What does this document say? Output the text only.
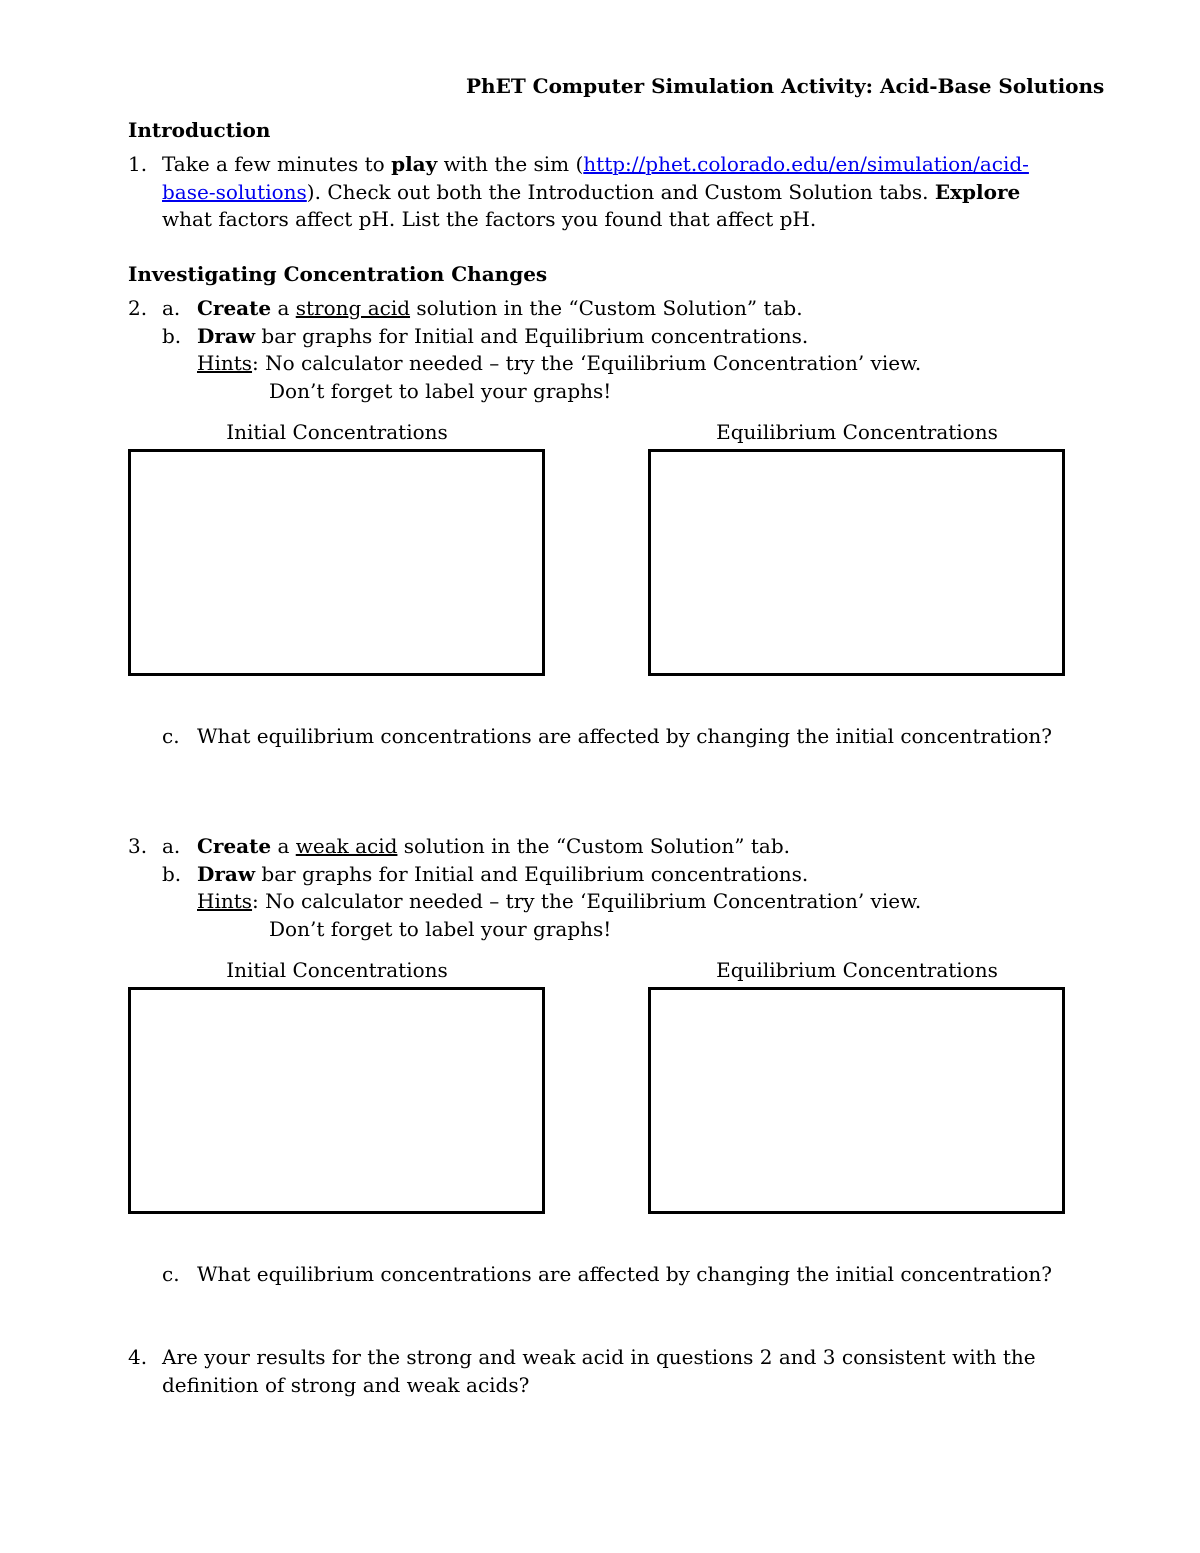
PhET Computer Simulation Activity: Acid-Base Solutions
Introduction
1. Take a few minutes to play with the sim (http://phet.colorado.edu/en/simulation/acid-
base-solutions). Check out both the Introduction and Custom Solution tabs. Explore
what factors affect pH. List the factors you found that affect pH.
Investigating Concentration Changes
2. a. Create a strong acid solution in the “Custom Solution” tab.
b. Draw bar graphs for Initial and Equilibrium concentrations.
Hints: No calculator needed – try the ‘Equilibrium Concentration’ view.
Don’t forget to label your graphs!
Initial Concentrations	Equilibrium Concentrations
c. What equilibrium concentrations are affected by changing the initial concentration?
3. a. Create a weak acid solution in the “Custom Solution” tab.
b. Draw bar graphs for Initial and Equilibrium concentrations.
Hints: No calculator needed – try the ‘Equilibrium Concentration’ view.
Don’t forget to label your graphs!
Initial Concentrations	Equilibrium Concentrations
c. What equilibrium concentrations are affected by changing the initial concentration?
4. Are your results for the strong and weak acid in questions 2 and 3 consistent with the
definition of strong and weak acids?
